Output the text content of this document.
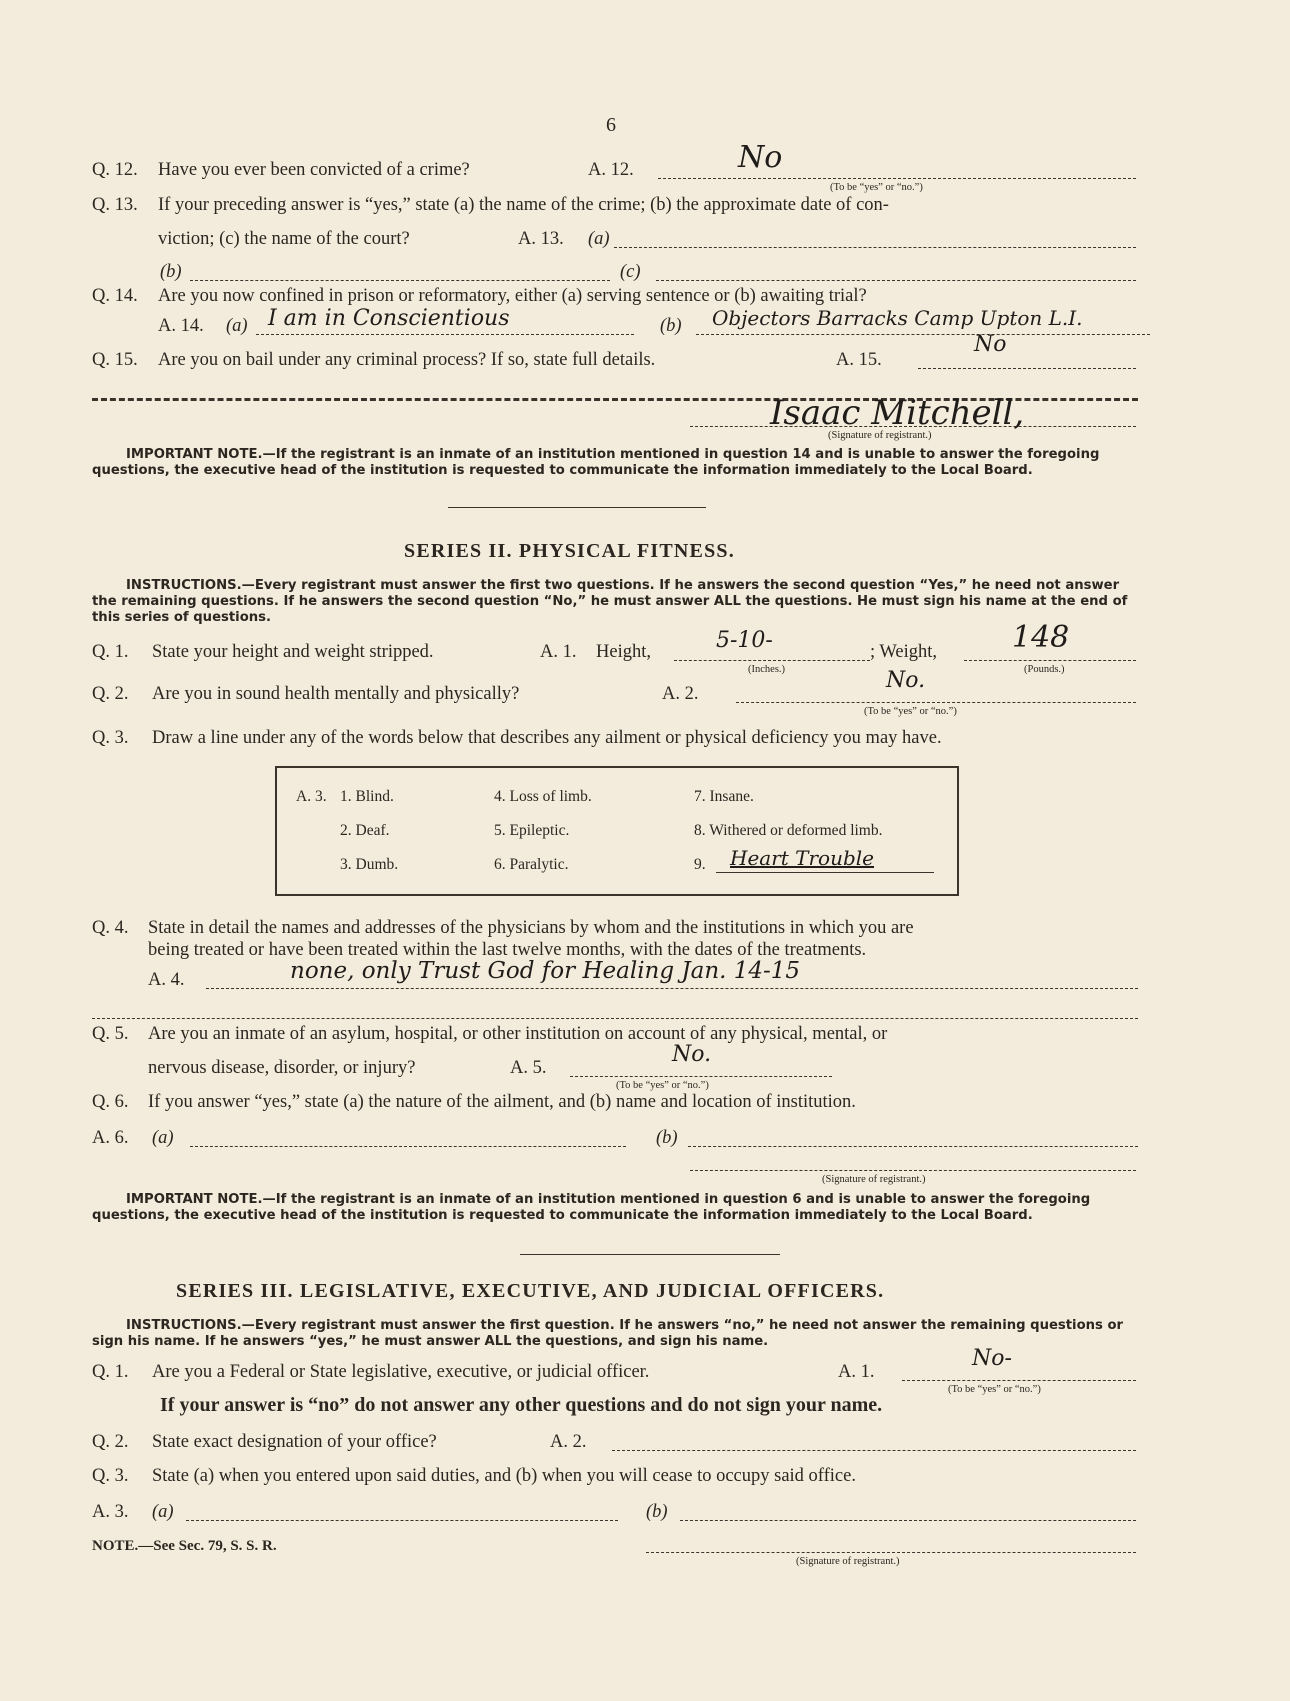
6
Q. 12. Have you ever been convicted of a crime?	A. 12.	No
(To be “yes” or “no.”)
Q. 13. If your preceding answer is “yes,” state (a) the name of the crime; (b) the approximate date of con-
viction; (c) the name of the court?	A. 13. (a)
(b)	(c)
Q. 14. Are you now confined in prison or reformatory, either (a) serving sentence or (b) awaiting trial?
A. 14. (a) I am in Conscientious	(b) Objectors Barracks Camp Upton L.I.
Q. 15. Are you on bail under any criminal process? If so, state full details.	A. 15.
No
Isaac Mitchell,
(Signature of registrant.)
IMPORTANT NOTE.—If the registrant is an inmate of an institution mentioned in question 14 and is unable to answer the foregoing questions, the executive head of the institution is requested to communicate the information immediately to the Local Board.
SERIES II. PHYSICAL FITNESS.
INSTRUCTIONS.—Every registrant must answer the first two questions. If he answers the second question “Yes,” he need not answer the remaining questions. If he answers the second question “No,” he must answer ALL the questions. He must sign his name at the end of this series of questions.
Q. 1. State your height and weight stripped.	A. 1. Height,	5-10-
(Inches.)
; Weight, 148
(Pounds.)
Q. 2. Are you in sound health mentally and physically?	A. 2.
No.
(To be “yes” or “no.”)
Q. 3. Draw a line under any of the words below that describes any ailment or physical deficiency you may have.
A. 3. 1. Blind.
2. Deaf.
3. Dumb.
4. Loss of limb.
5. Epileptic.
6. Paralytic.
7. Insane.
8. Withered or deformed limb.
9. Heart Trouble
Q. 4. State in detail the names and addresses of the physicians by whom and the institutions in which you are
being treated or have been treated within the last twelve months, with the dates of the treatments.
A. 4.	none, only Trust God for Healing Jan. 14-15
Q. 5. Are you an inmate of an asylum, hospital, or other institution on account of any physical, mental, or
nervous disease, disorder, or injury?	A. 5.
No.
(To be “yes” or “no.”)
Q. 6. If you answer “yes,” state (a) the nature of the ailment, and (b) name and location of institution.
A. 6. (a)	(b)
(Signature of registrant.)
IMPORTANT NOTE.—If the registrant is an inmate of an institution mentioned in question 6 and is unable to answer the foregoing questions, the executive head of the institution is requested to communicate the information immediately to the Local Board.
SERIES III. LEGISLATIVE, EXECUTIVE, AND JUDICIAL OFFICERS.
INSTRUCTIONS.—Every registrant must answer the first question. If he answers “no,” he need not answer the remaining questions or sign his name. If he answers “yes,” he must answer ALL the questions, and sign his name.
Q. 1. Are you a Federal or State legislative, executive, or judicial officer.	A. 1.
No-
(To be “yes” or “no.”)
If your answer is “no” do not answer any other questions and do not sign your name.
Q. 2. State exact designation of your office?	A. 2.
Q. 3. State (a) when you entered upon said duties, and (b) when you will cease to occupy said office.
A. 3. (a)	(b)
NOTE.—See Sec. 79, S. S. R.
(Signature of registrant.)
